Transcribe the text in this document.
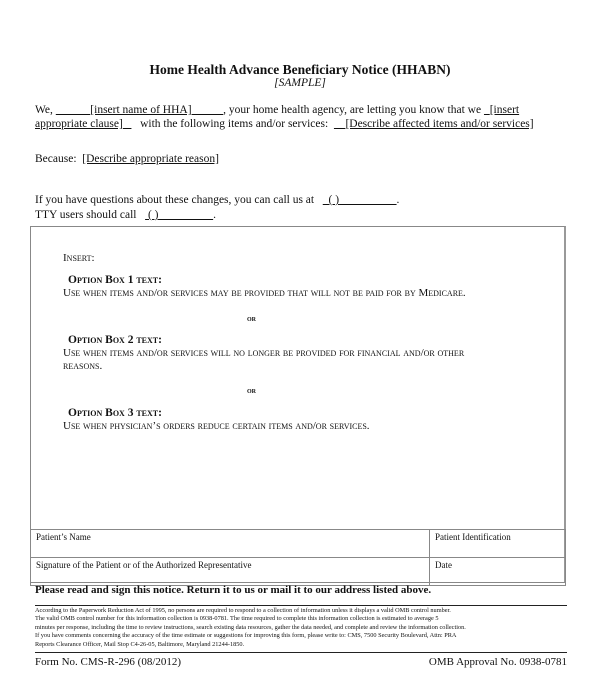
Home Health Advance Beneficiary Notice (HHABN)
[SAMPLE]
We,	[insert name of HHA]	, your home health agency, are letting you know that we [insert
appropriate clause] with the following items and/or services: [Describe affected items and/or services]
Because: [Describe appropriate reason]
If you have questions about these changes, you can call us at ( )	.
TTY users should call ( )	.
Insert:
Option Box 1 text:
Use when items and/or services may be provided that will not be paid for by Medicare.
or
Option Box 2 text:
Use when items and/or services will no longer be provided for financial and/or other
reasons.
or
Option Box 3 text:
Use when physician’s orders reduce certain items and/or services.
Patient’s Name	Patient Identification
Signature of the Patient or of the Authorized Representative	Date
Please read and sign this notice. Return it to us or mail it to our address listed above.
According to the Paperwork Reduction Act of 1995, no persons are required to respond to a collection of information unless it displays a valid OMB control number.
The valid OMB control number for this information collection is 0938-0781. The time required to complete this information collection is estimated to average 5
minutes per response, including the time to review instructions, search existing data resources, gather the data needed, and complete and review the information collection.
If you have comments concerning the accuracy of the time estimate or suggestions for improving this form, please write to: CMS, 7500 Security Boulevard, Attn: PRA
Reports Clearance Officer, Mail Stop C4-26-05, Baltimore, Maryland 21244-1850.
Form No. CMS-R-296 (08/2012)	OMB Approval No. 0938-0781
